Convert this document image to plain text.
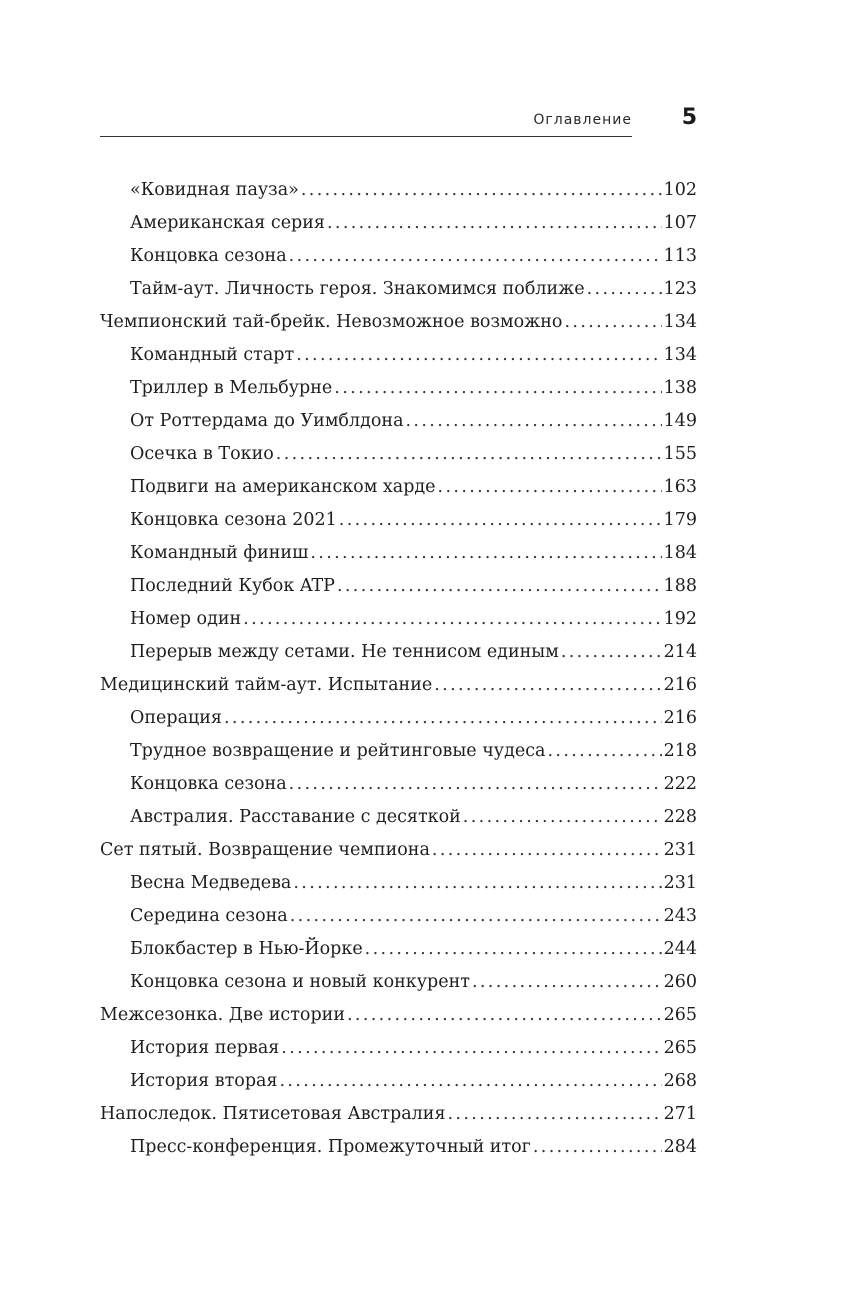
Оглавление 5
«Ковидная пауза» . . .	102
Американская серия . . .	107
Концовка сезона . . .	113
Тайм-аут. Личность героя. Знакомимся поближе . . .	123
Чемпионский тай-брейк. Невозможное возможно . . .	134
Командный старт . . .	134
Триллер в Мельбурне . . .	138
От Роттердама до Уимблдона . . .	149
Осечка в Токио . . .	155
Подвиги на американском харде . . .	163
Концовка сезона 2021 . . .	179
Командный финиш . . .	184
Последний Кубок ATP . . .	188
Номер один . . .	192
Перерыв между сетами. Не теннисом единым . . .	214
Медицинский тайм-аут. Испытание . . .	216
Операция . . .	216
Трудное возвращение и рейтинговые чудеса . . .	218
Концовка сезона . . .	222
Австралия. Расставание с десяткой . . .	228
Сет пятый. Возвращение чемпиона . . .	231
Весна Медведева . . .	231
Середина сезона . . .	243
Блокбастер в Нью-Йорке . . .	244
Концовка сезона и новый конкурент . . .	260
Межсезонка. Две истории . . .	265
История первая . . .	265
История вторая . . .	268
Напоследок. Пятисетовая Австралия . . .	271
Пресс-конференция. Промежуточный итог . . .	284
